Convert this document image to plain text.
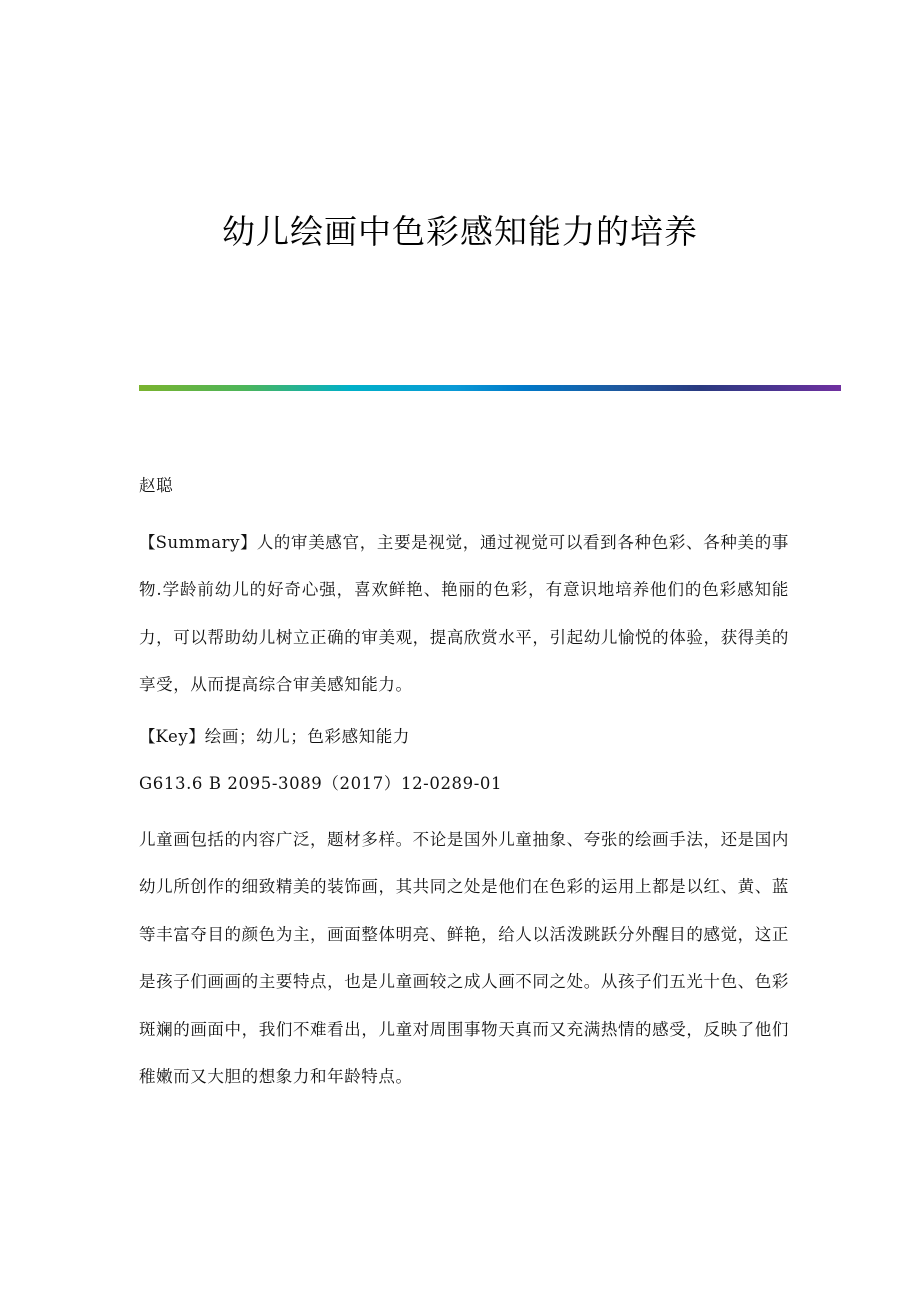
幼儿绘画中色彩感知能力的培养

赵聪

【Summary】人的审美感官，主要是视觉，通过视觉可以看到各种色彩、各种美的事物.学龄前幼儿的好奇心强，喜欢鲜艳、艳丽的色彩，有意识地培养他们的色彩感知能力，可以帮助幼儿树立正确的审美观，提高欣赏水平，引起幼儿愉悦的体验，获得美的享受，从而提高综合审美感知能力。

【Key】绘画；幼儿；色彩感知能力

G613.6 B 2095-3089（2017）12-0289-01

儿童画包括的内容广泛，题材多样。不论是国外儿童抽象、夸张的绘画手法，还是国内幼儿所创作的细致精美的装饰画，其共同之处是他们在色彩的运用上都是以红、黄、蓝等丰富夺目的颜色为主，画面整体明亮、鲜艳，给人以活泼跳跃分外醒目的感觉，这正是孩子们画画的主要特点，也是儿童画较之成人画不同之处。从孩子们五光十色、色彩斑斓的画面中，我们不难看出，儿童对周围事物天真而又充满热情的感受，反映了他们稚嫩而又大胆的想象力和年龄特点。
